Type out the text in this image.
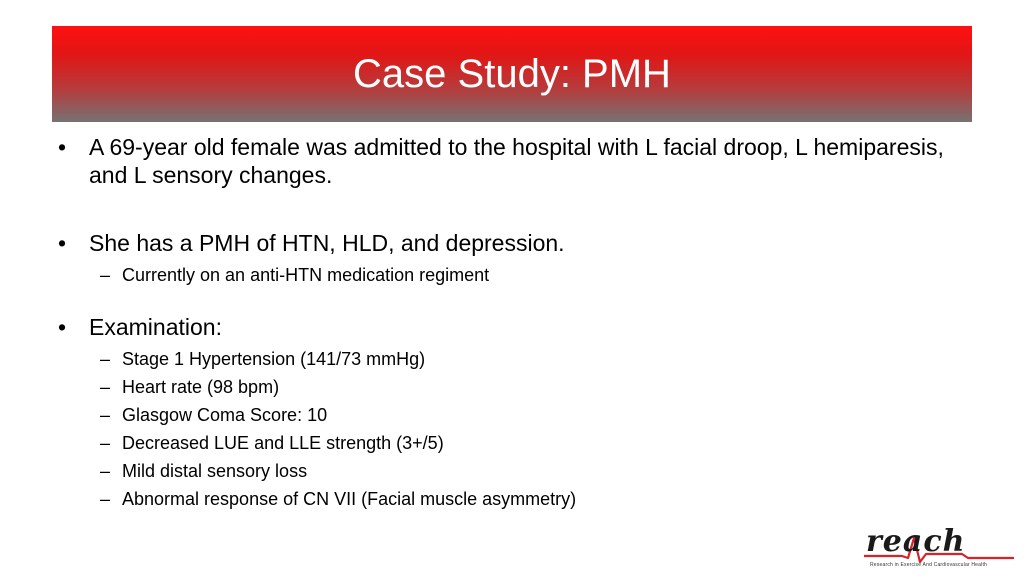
Case Study: PMH
• A 69-year old female was admitted to the hospital with L facial droop, L hemiparesis, and L sensory changes.
• She has a PMH of HTN, HLD, and depression.
– Currently on an anti-HTN medication regiment
• Examination:
– Stage 1 Hypertension (141/73 mmHg)
– Heart rate (98 bpm)
– Glasgow Coma Score: 10
– Decreased LUE and LLE strength (3+/5)
– Mild distal sensory loss
– Abnormal response of CN VII (Facial muscle asymmetry)
reach
Research in Exercise And Cardiovascular Health
